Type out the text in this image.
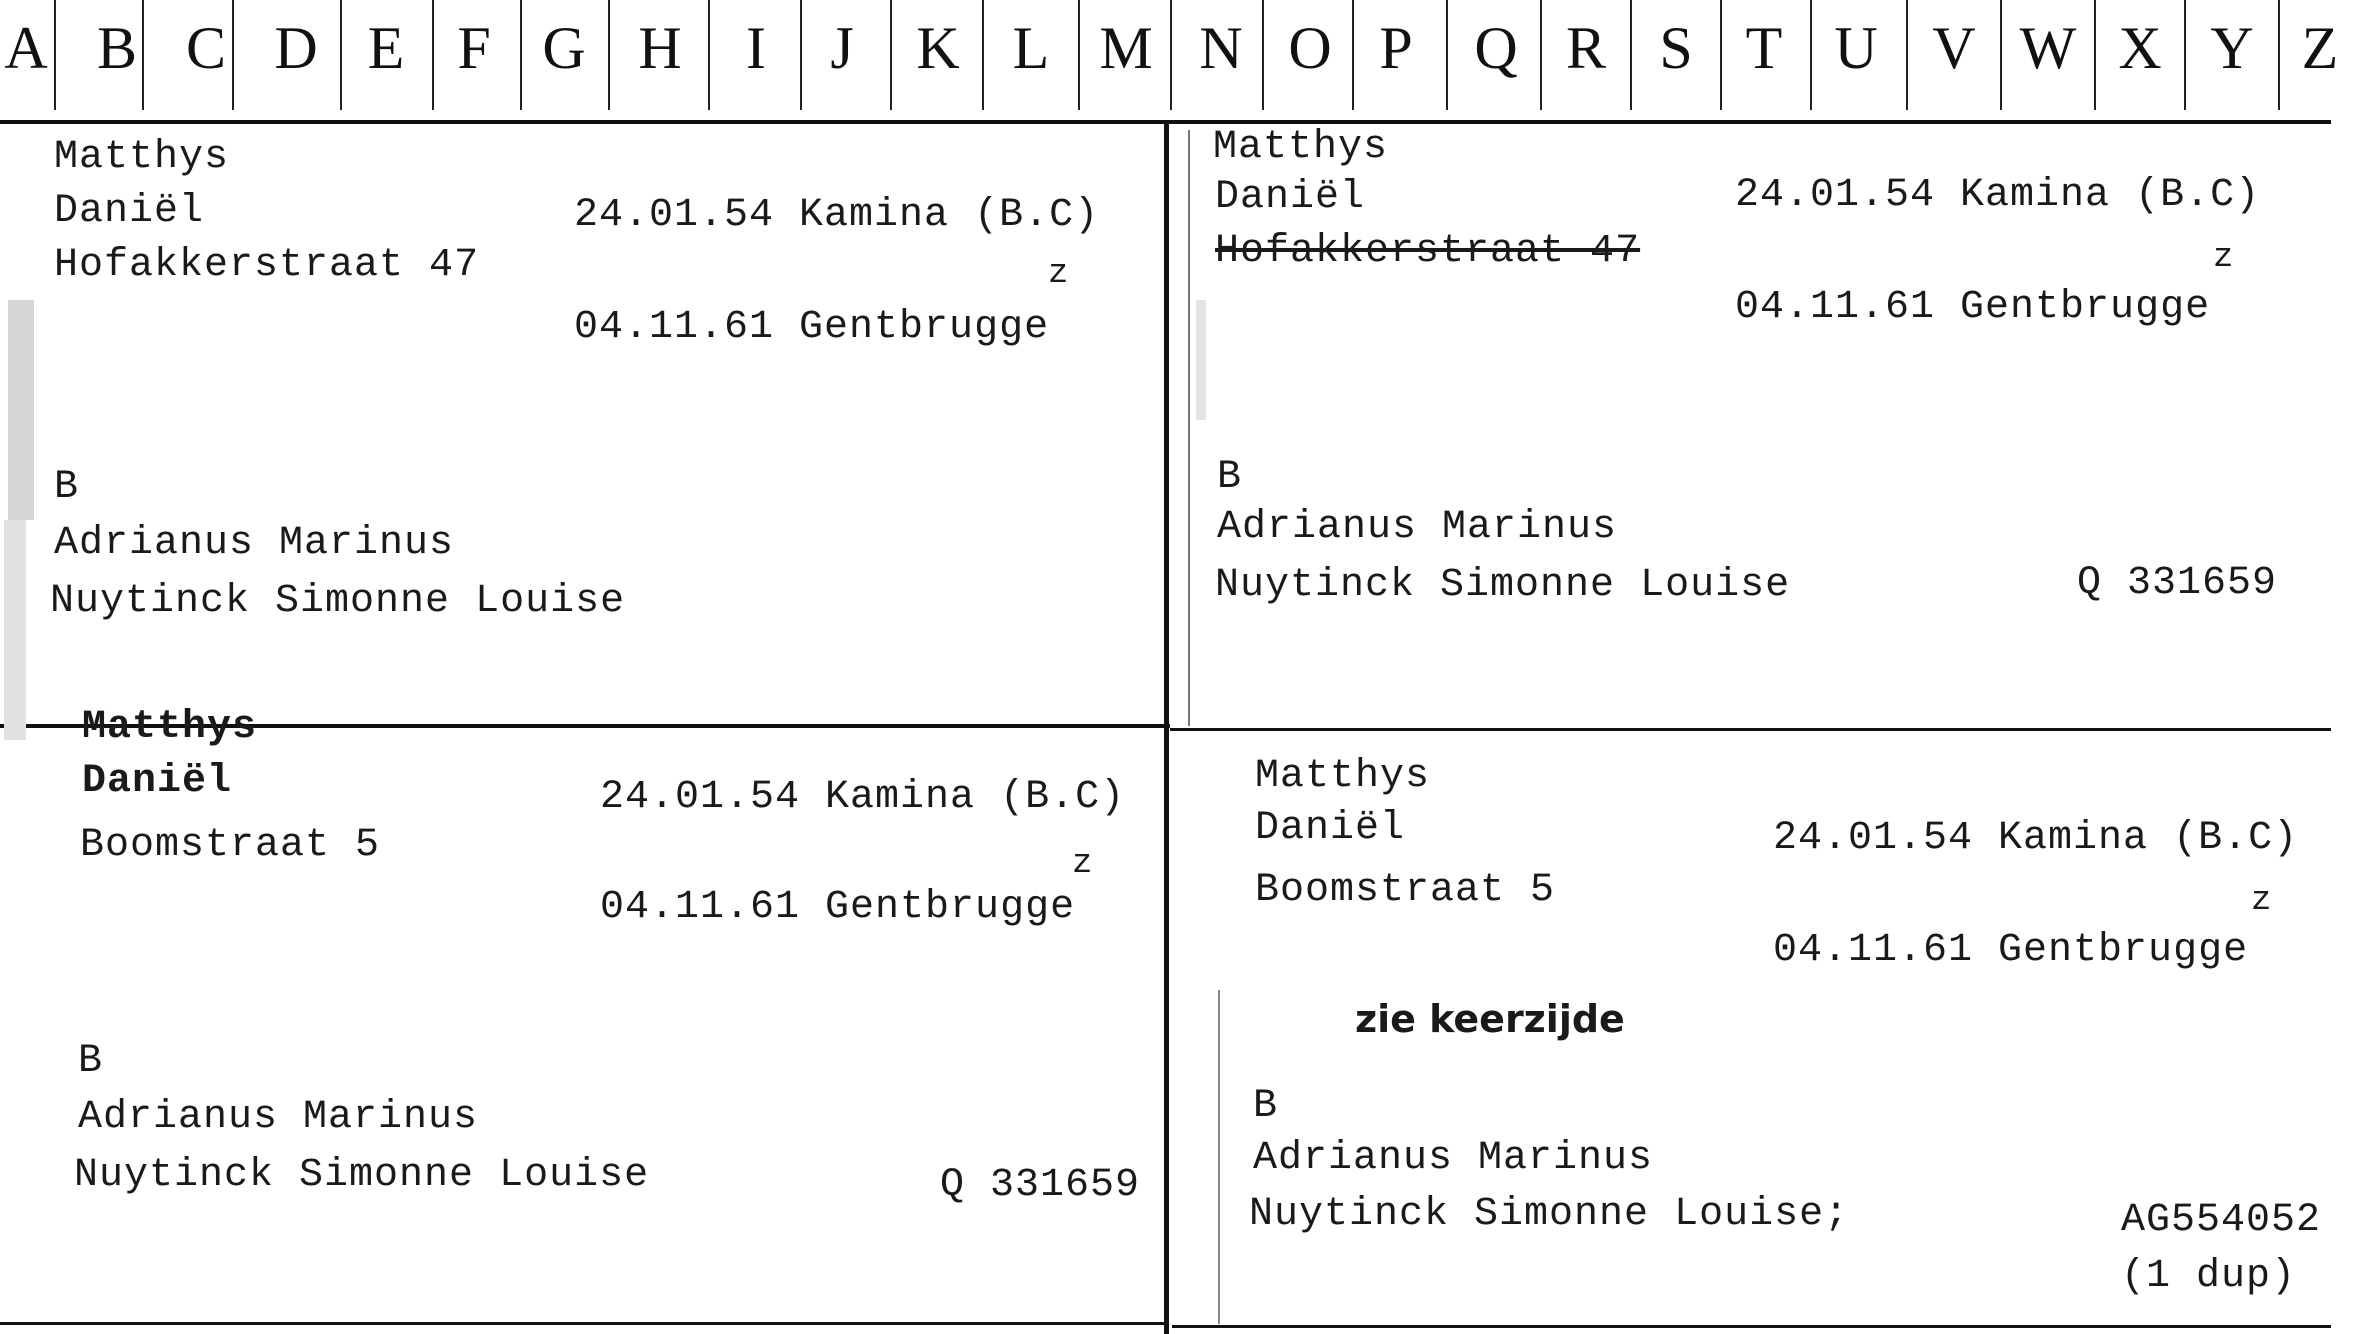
A B C D E F G H	I	J	K L M N O P	Q R S T U V W X Y Z
Matthys
Daniël
Hofakkerstraat 47
24.01.54 Kamina (B.C)
z
04.11.61 Gentbrugge
B
Adrianus Marinus
Nuytinck Simonne Louise
Matthys
Daniël
Hofakkerstraat 47
24.01.54 Kamina (B.C)
z
04.11.61 Gentbrugge
B
Adrianus Marinus
Nuytinck Simonne Louise	Q 331659
Matthys
Daniël
Boomstraat 5
24.01.54 Kamina (B.C)
z
04.11.61 Gentbrugge
B
Adrianus Marinus
Nuytinck Simonne Louise	Q 331659
Matthys
Daniël
Boomstraat 5
24.01.54 Kamina (B.C)
z
04.11.61 Gentbrugge
zie keerzijde
B
Adrianus Marinus
Nuytinck Simonne Louise;	AG554052
(1 dup)
